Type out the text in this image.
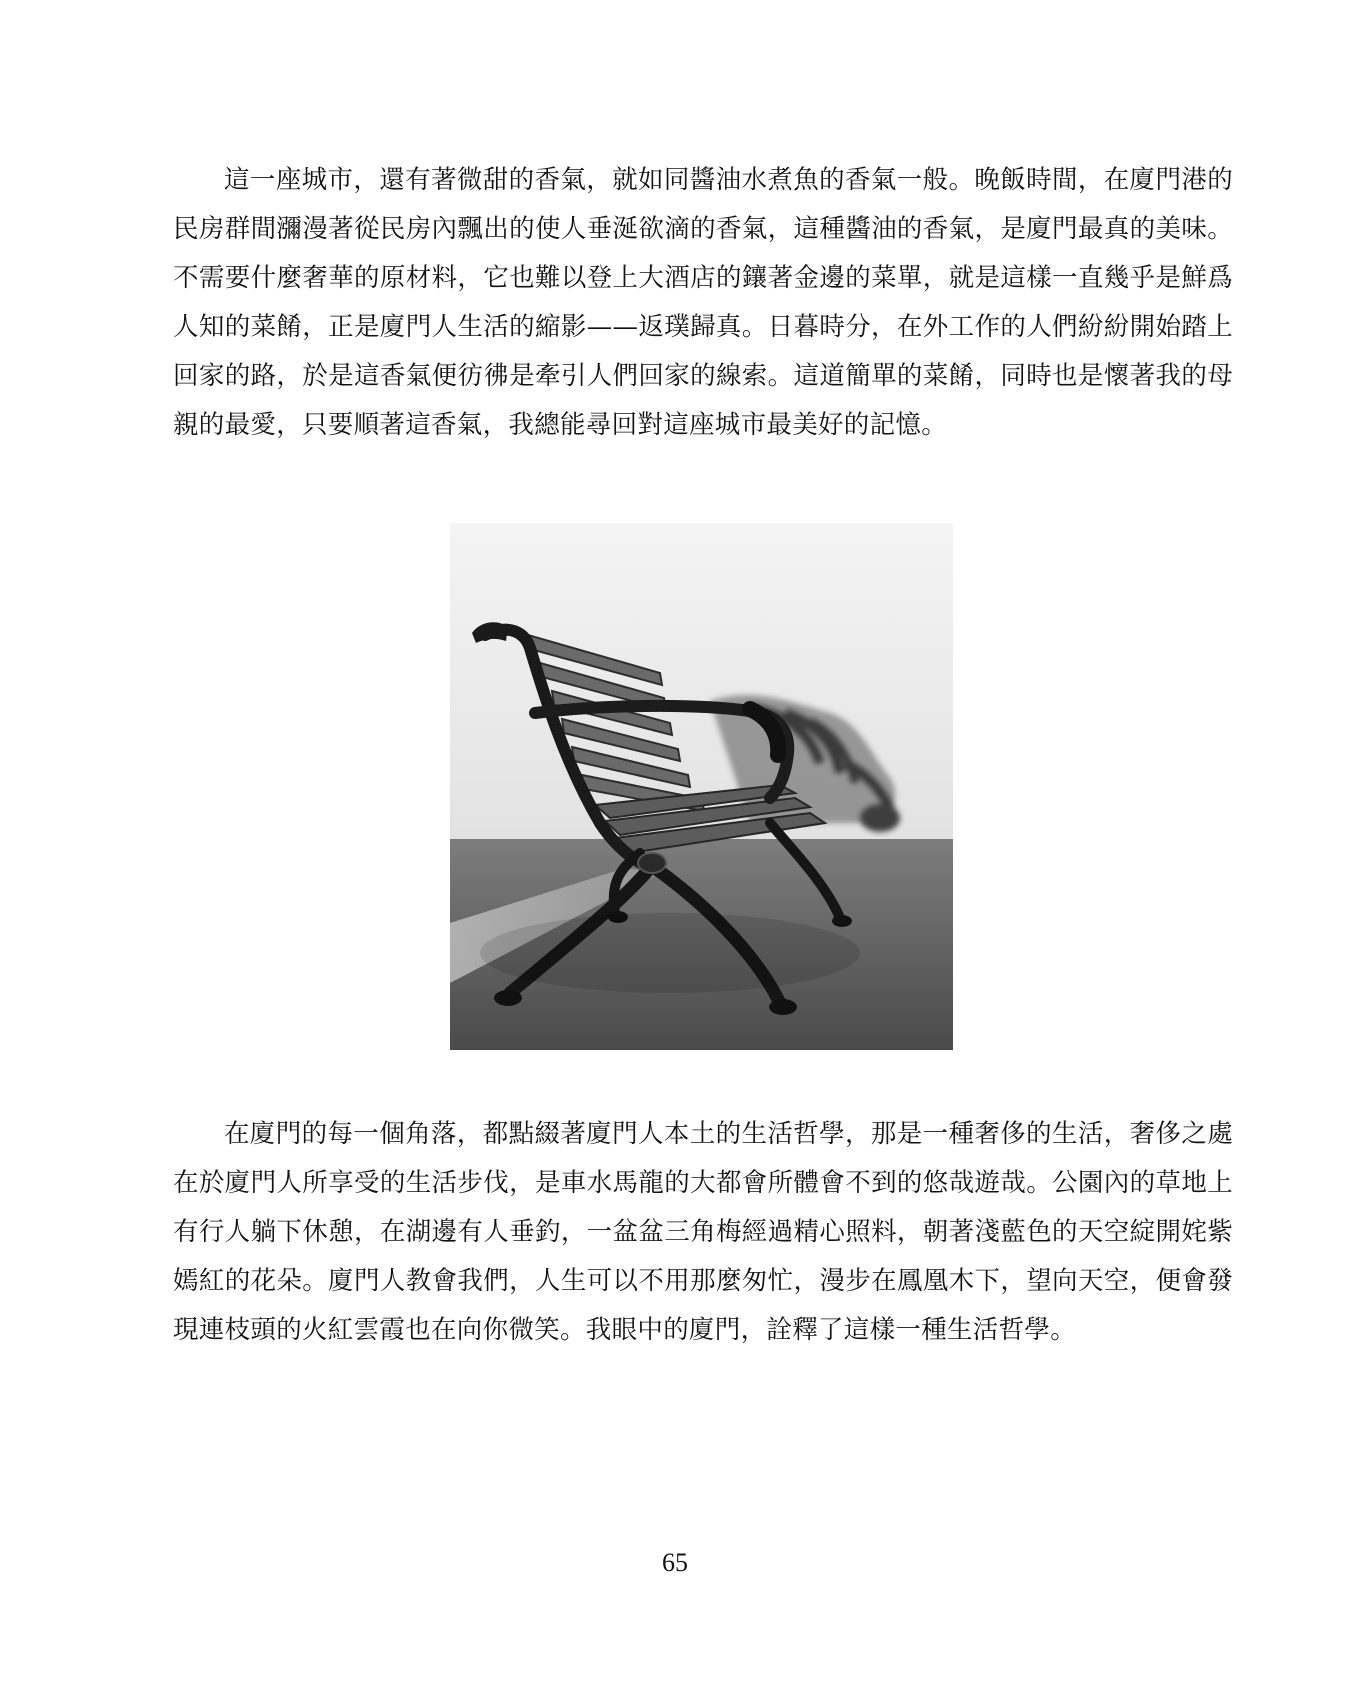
這一座城市，還有著微甜的香氣，就如同醬油水煮魚的香氣一般。晚飯時間，在廈門港的民房群間瀰漫著從民房內飄出的使人垂涎欲滴的香氣，這種醬油的香氣，是廈門最真的美味。不需要什麼奢華的原材料，它也難以登上大酒店的鑲著金邊的菜單，就是這樣一直幾乎是鮮爲人知的菜餚，正是廈門人生活的縮影——返璞歸真。日暮時分，在外工作的人們紛紛開始踏上回家的路，於是這香氣便彷彿是牽引人們回家的線索。這道簡單的菜餚，同時也是懷著我的母親的最愛，只要順著這香氣，我總能尋回對這座城市最美好的記憶。

在廈門的每一個角落，都點綴著廈門人本土的生活哲學，那是一種奢侈的生活，奢侈之處在於廈門人所享受的生活步伐，是車水馬龍的大都會所體會不到的悠哉遊哉。公園內的草地上有行人躺下休憩，在湖邊有人垂釣，一盆盆三角梅經過精心照料，朝著淺藍色的天空綻開姹紫嫣紅的花朵。廈門人教會我們，人生可以不用那麼匆忙，漫步在鳳凰木下，望向天空，便會發現連枝頭的火紅雲霞也在向你微笑。我眼中的廈門，詮釋了這樣一種生活哲學。

65
